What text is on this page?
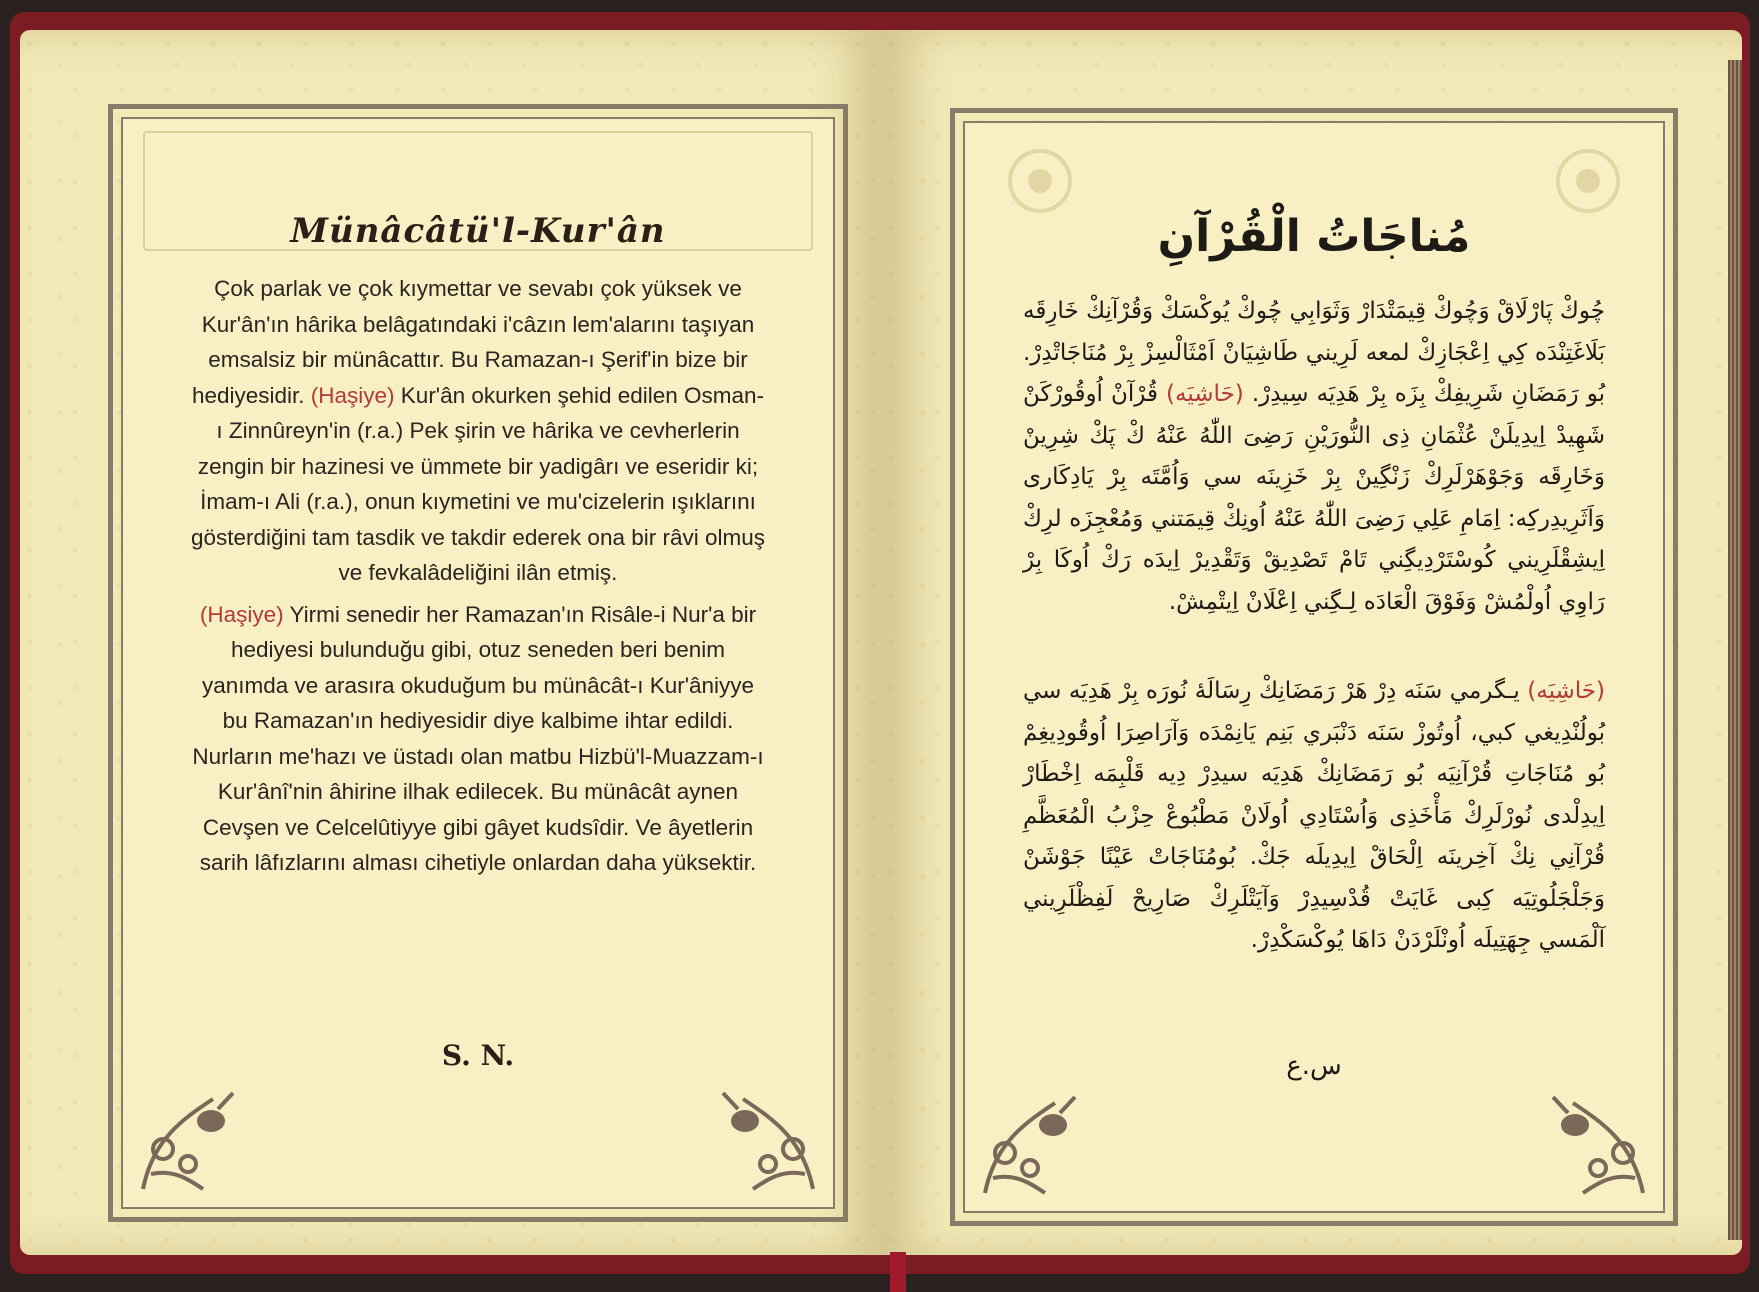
Münâcâtü'l-Kur'ân

Çok parlak ve çok kıymettar ve sevabı çok yüksek ve Kur'ân'ın hârika belâgatındaki i'câzın lem'alarını taşıyan emsalsiz bir münâcattır. Bu Ramazan-ı Şerif'in bize bir hediyesidir. (Haşiye) Kur'ân okurken şehid edilen Osman-ı Zinnûreyn'in (r.a.) Pek şirin ve hârika ve cevherlerin zengin bir hazinesi ve ümmete bir yadigârı ve eseridir ki; İmam-ı Ali (r.a.), onun kıymetini ve mu'cizelerin ışıklarını gösterdiğini tam tasdik ve takdir ederek ona bir râvi olmuş ve fevkalâdeliğini ilân etmiş.

(Haşiye) Yirmi senedir her Ramazan'ın Risâle-i Nur'a bir hediyesi bulunduğu gibi, otuz seneden beri benim yanımda ve arasıra okuduğum bu münâcât-ı Kur'âniyye bu Ramazan'ın hediyesidir diye kalbime ihtar edildi. Nurların me'hazı ve üstadı olan matbu Hizbü'l-Muazzam-ı Kur'ânî'nin âhirine ilhak edilecek. Bu münâcât aynen Cevşen ve Celcelûtiyye gibi gâyet kudsîdir. Ve âyetlerin sarih lâfızlarını alması cihetiyle onlardan daha yüksektir.

S. N.
مُناجَاتُ الْقُرْآنِ

چُوكْ پَارْلَاقْ وَچُوكْ قِيمَتْدَارْ وَثَوَابِي چُوكْ يُوكْسَكْ وَقُرْآنِكْ خَارِقَه بَلَاغَتِنْدَه كِي اِعْجَازِكْ لمعه لَرِيني طَاشِيَانْ اَمْثَالْسِزْ بِرْ مُنَاجَاتْدِرْ. بُو رَمَضَانِ شَرِيفِكْ بِزَه بِرْ هَدِيَه سِيدِرْ. (حَاشِيَه) قُرْآنْ اُوقُورْكَنْ شَهِيدْ اِيدِيلَنْ عُثْمَانِ ذِى النُّورَيْنِ رَضِىَ اللّٰهُ عَنْهُ كْ پَكْ شِرِينْ وَخَارِقَه وَجَوْهَرْلَرِكْ زَنْگِينْ بِرْ خَزِينَه سي وَاُمَّتَه بِرْ يَادِكَارى وَاَثَرِيدِركِه: اِمَامِ عَلِي رَضِىَ اللّٰهُ عَنْهُ اُونِكْ قِيمَتني وَمُعْجِزَه لرِكْ اِيشِقْلَرِيني كُوسْتَرْدِيگِني تَامْ تَصْدِيقْ وَتَقْدِيرْ اِيدَه رَكْ اُوكَا بِرْ رَاوِي اُولْمُشْ وَفَوْقَ الْعَادَه لِـگِني اِعْلَانْ اِيتْمِشْ.

(حَاشِيَه) يـگرمي سَنَه دِرْ هَرْ رَمَضَانِكْ رِسَالَهٔ نُورَه بِرْ هَدِيَه سي بُولُنْدِيغي كبي، اُوتُوزْ سَنَه دَنْبَري بَنِم يَانِمْدَه وَآرَاصِرَا اُوقُودِيغِمْ بُو مُنَاجَاتِ قُرْآنِيَه بُو رَمَضَانِكْ هَدِيَه سيدِرْ دِيه قَلْبِمَه اِخْطَارْ اِيدِلْدى نُورْلَرِكْ مَأْخَذِى وَاُسْتَادِي اُولَانْ مَطْبُوعْ حِزْبُ الْمُعَظَّمِ قُرْآنِي نِكْ آخِرينَه اِلْحَاقْ اِيدِيلَه جَكْ. بُومُنَاجَاتْ عَيْنًا جَوْشَنْ وَجَلْجَلُوتِيَه كِبى غَايَتْ قُدْسِيدِرْ وَآيَتْلَرِكْ صَارِيحْ لَفِظْلَرِيني آلْمَسي جِهَتِيلَه اُونْلَرْدَنْ دَاهَا يُوكْسَكْدِرْ.

س.ع
